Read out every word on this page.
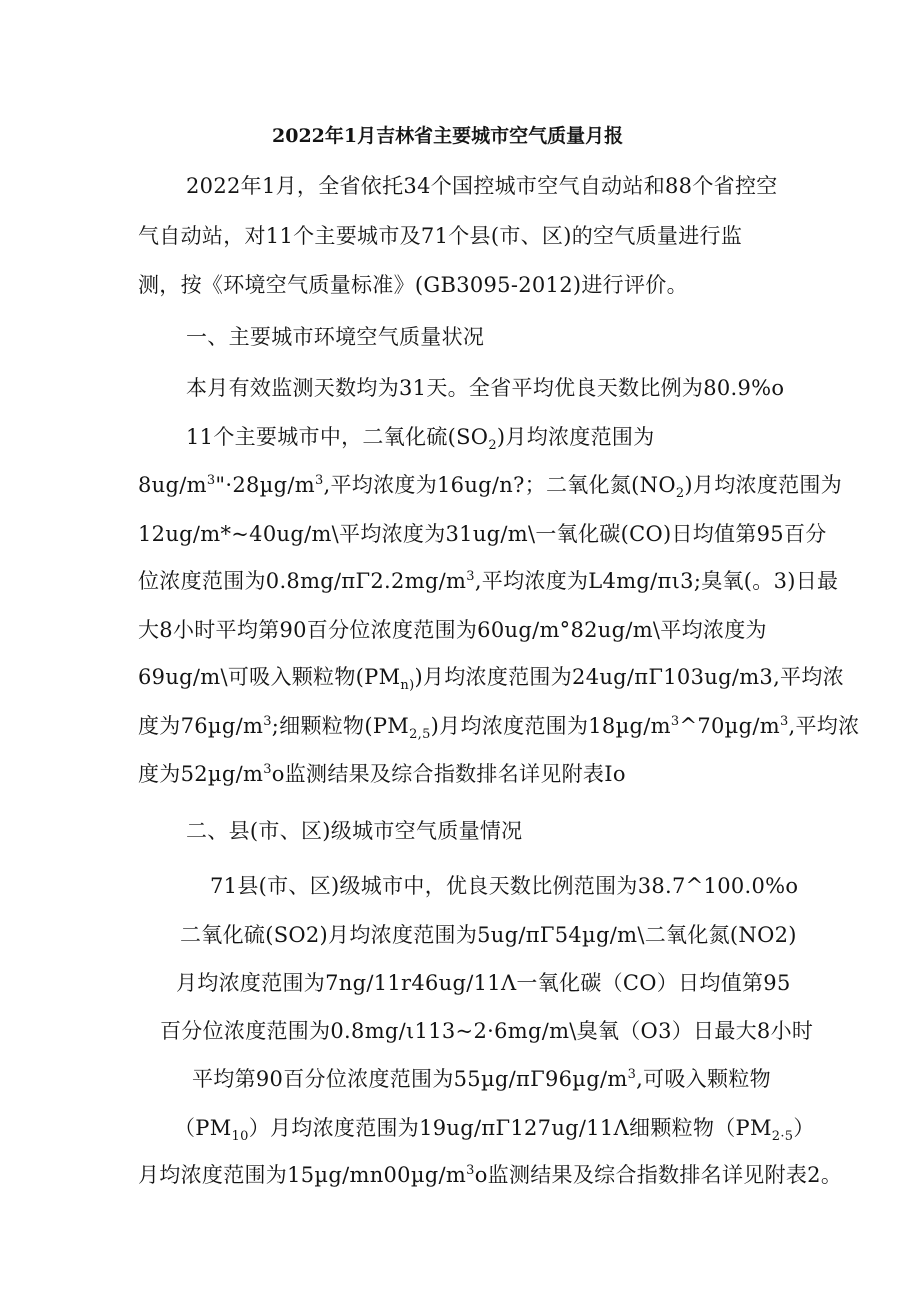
2022年1月吉林省主要城市空气质量月报
2022年1月，全省依托34个国控城市空气自动站和88个省控空
气自动站，对11个主要城市及71个县(市、区)的空气质量进行监
测，按《环境空气质量标准》(GB3095-2012)进行评价。
一、主要城市环境空气质量状况
本月有效监测天数均为31天。全省平均优良天数比例为80.9%o
11个主要城市中，二氧化硫$(SO_2)$月均浓度范围为
$8ug∕m^3"\cdot 28\mu g∕m^3$,平均浓度为16ug∕n?；二氧化氮$(NO_2)$月均浓度范围为
12ug∕m*~40ug∕m\平均浓度为31ug∕m\一氧化碳(CO)日均值第95百分
位浓度范围为$0.8mg∕\pi\Gamma 2.2mg∕m^3$,平均浓度为L4mg∕πι3;臭氧(。3)日最
大8小时平均第90百分位浓度范围为60ug∕m°82ug∕m\平均浓度为
69ug∕m\可吸入颗粒物$(PM_{n)})$月均浓度范围为24ug∕πΓ103ug∕m3,平均浓
度为$76\mu g∕m^3$;细颗粒物$(PM_{2,5})$月均浓度范围为$18\mu g∕m^3\^{}70\mu g∕m^3$,平均浓
度为$52\mu g∕m^3o$监测结果及综合指数排名详见附表Io
二、县(市、区)级城市空气质量情况
71县(市、区)级城市中，优良天数比例范围为38.7^100.0%o
二氧化硫(SO2)月均浓度范围为5ug∕πΓ54µg∕m\二氧化氮(NO2)
月均浓度范围为7ng∕11r46ug∕11Λ一氧化碳（CO）日均值第95
百分位浓度范围为0.8mg∕ι113~2·6mg∕m\臭氧（O3）日最大8小时
平均第90百分位浓度范围为$55\mu g∕\pi\Gamma 96\mu g∕m^3$,可吸入颗粒物
$(PM_{10})$月均浓度范围为19ug∕πΓ127ug∕11Λ细颗粒物$(PM_{2\cdot 5})$
月均浓度范围为$15\mu g∕mn00\mu g∕m^3o$监测结果及综合指数排名详见附表2。
